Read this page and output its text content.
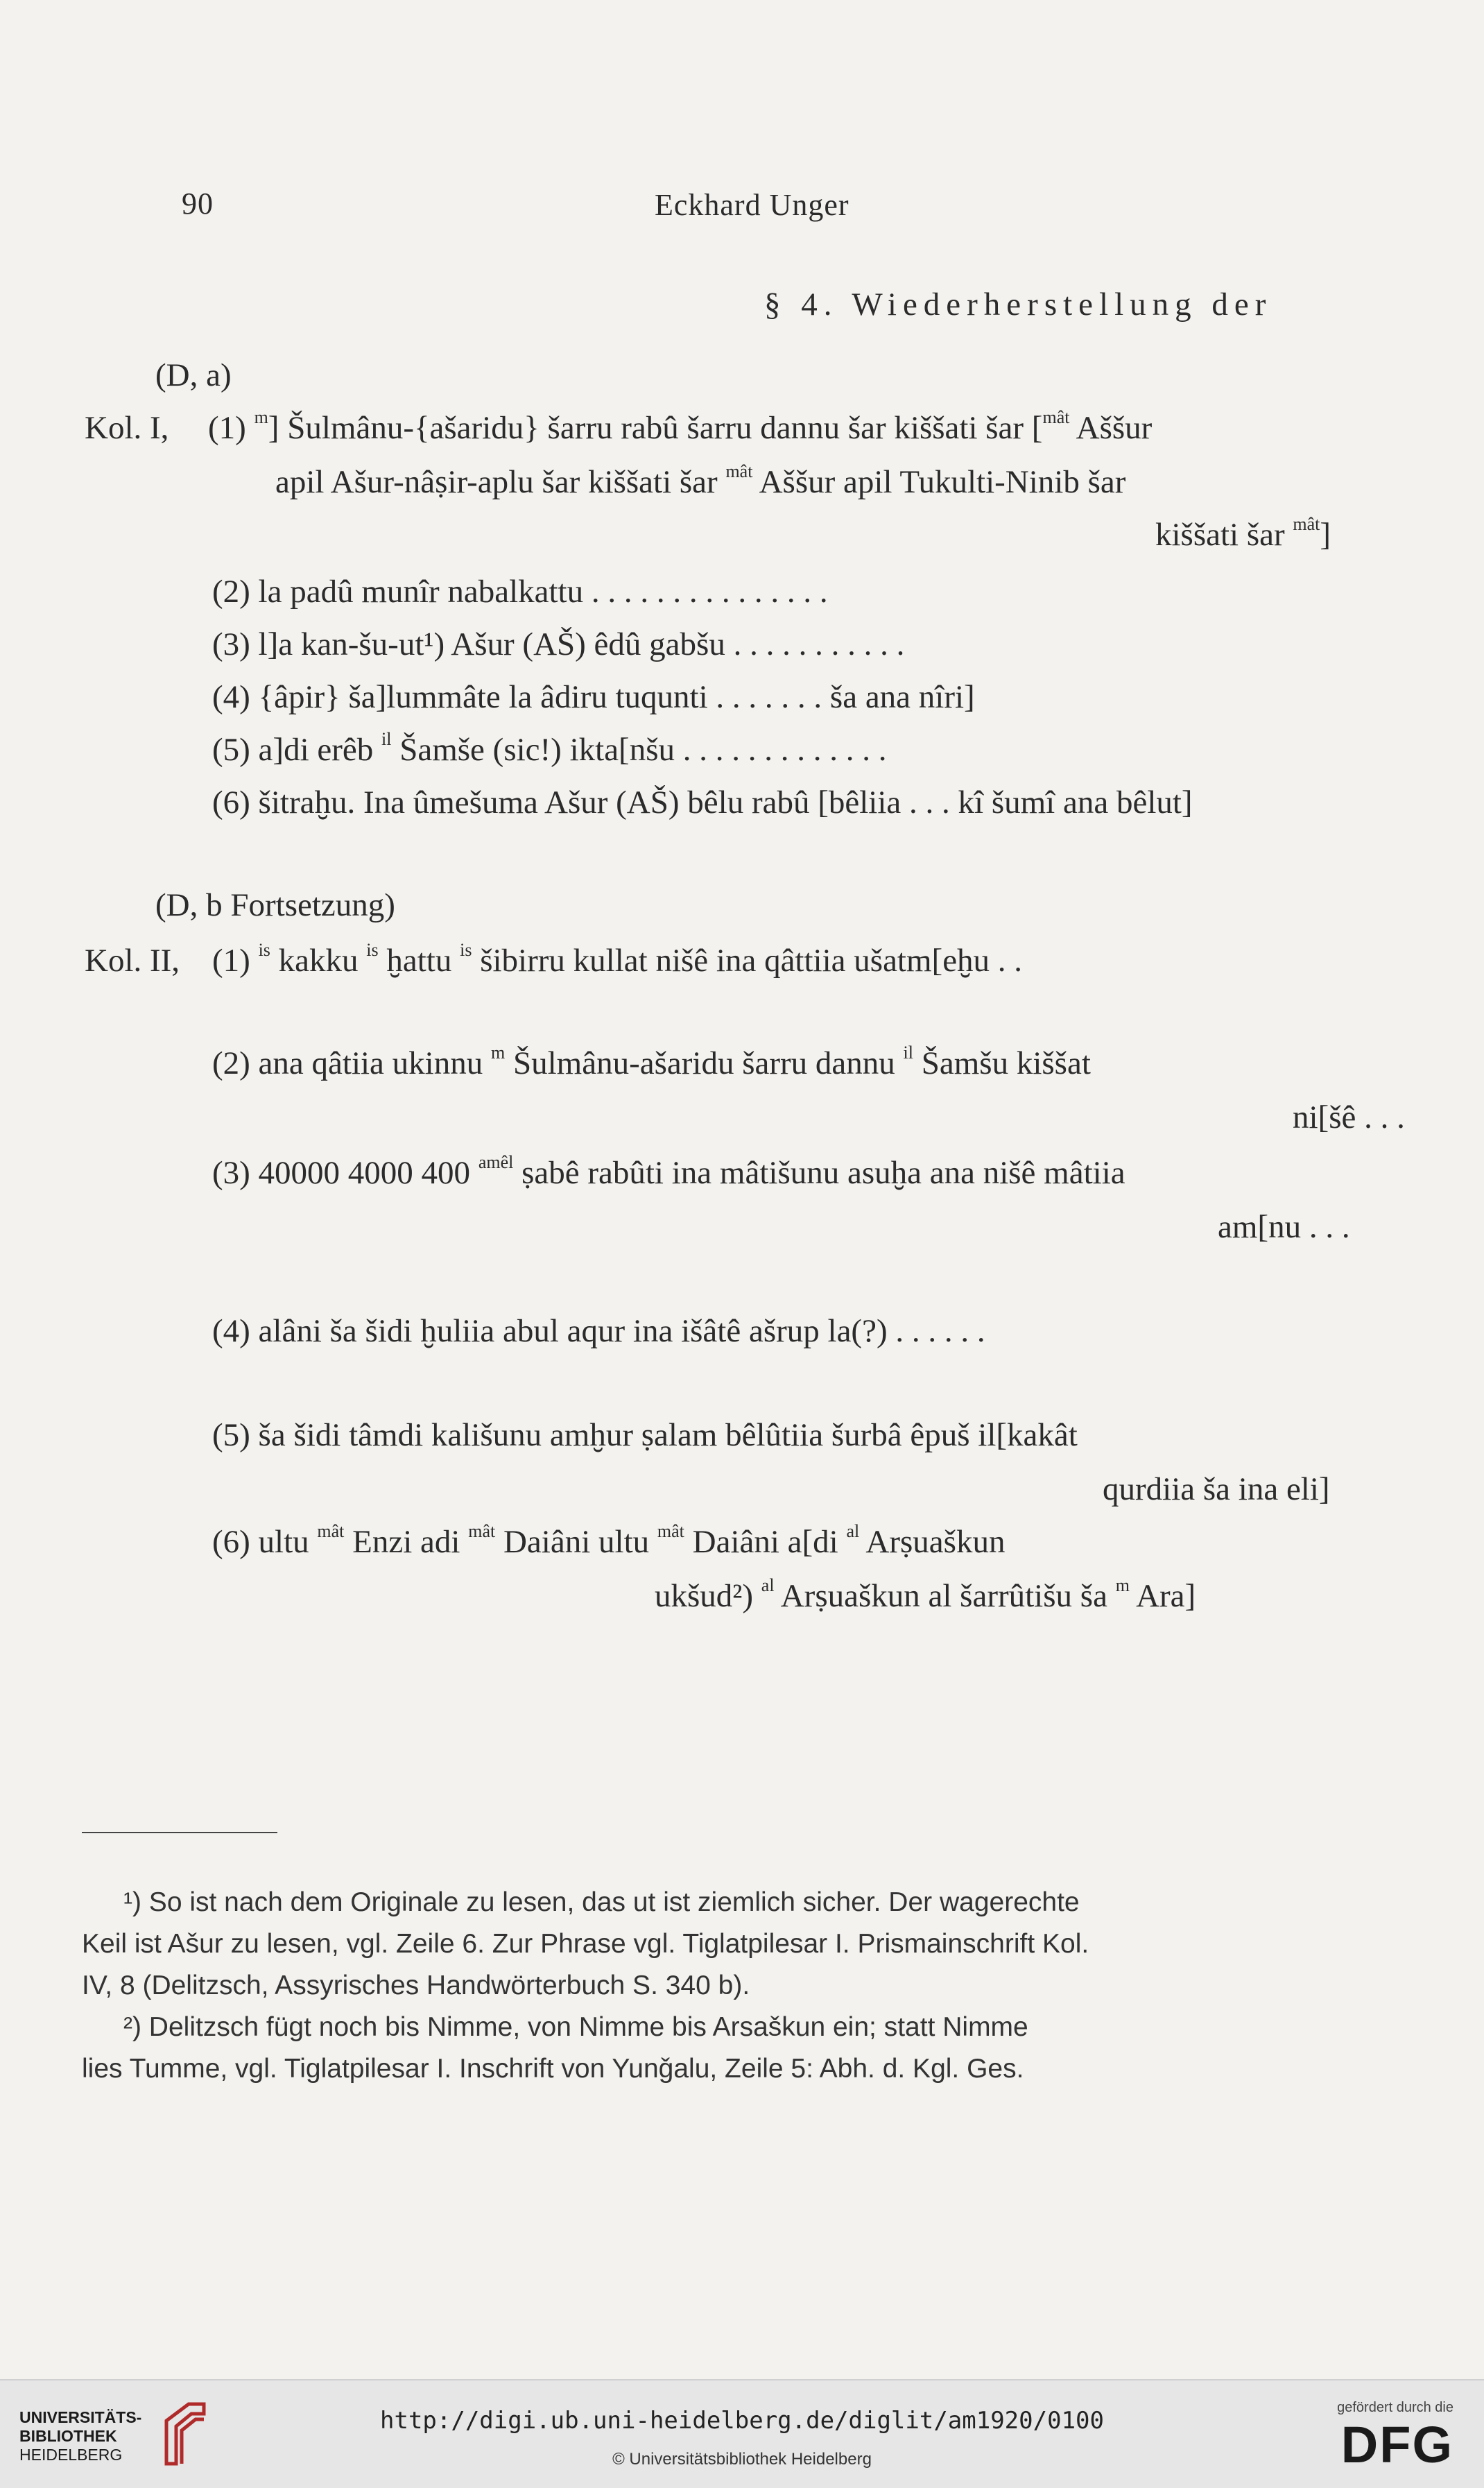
90	Eckhard Unger
§ 4. Wiederherstellung der
(D, a)
Kol. I, (1) $^m$] Šulmânu-{ašaridu} šarru rabû šarru dannu šar kiššati šar [$^{mât}$ Aššur
apil Ašur-nâṣir-aplu šar kiššati šar $^{mât}$ Aššur apil Tukulti-Ninib šar
kiššati šar $^{mât}$]
(2) la padû munîr nabalkattu . . . . . . . . . . . . . . .
(3) l]a kan-šu-ut¹) Ašur (AŠ) êdû gabšu . . . . . . . . . . .
(4) {âpir} ša]lummâte la âdiru tuqunti . . . . . . . ša ana nîri]
(5) a]di erêb $^{il}$ Šamše (sic!) ikta[nšu . . . . . . . . . . . . .
(6) šitraḫu. Ina ûmešuma Ašur (AŠ) bêlu rabû [bêliia . . . kî šumî ana bêlut]
(D, b Fortsetzung)
Kol. II, (1) $^{is}$ kakku $^{is}$ ḫattu $^{is}$ šibirru kullat nišê ina qâttiia ušatm[eḫu . .
(2) ana qâtiia ukinnu $^m$ Šulmânu-ašaridu šarru dannu $^{il}$ Šamšu kiššat
ni[šê . . .
(3) 40000 4000 400 $^{amêl}$ ṣabê rabûti ina mâtišunu asuḫa ana nišê mâtiia
am[nu . . .
(4) alâni ša šidi ḫuliia abul aqur ina išâtê ašrup la(?) . . . . . .
(5) ša šidi tâmdi kališunu amḫur ṣalam bêlûtiia šurbâ êpuš il[kakât
qurdiia ša ina eli]
(6) ultu $^{mât}$ Enzi adi $^{mât}$ Daiâni ultu $^{mât}$ Daiâni a[di $^{al}$ Arṣuaškun
ukšud²) $^{al}$ Arṣuaškun al šarrûtišu ša $^m$ Ara]
¹) So ist nach dem Originale zu lesen, das ut ist ziemlich sicher. Der wagerechte
Keil ist Ašur zu lesen, vgl. Zeile 6. Zur Phrase vgl. Tiglatpilesar I. Prismainschrift Kol.
IV, 8 (Delitzsch, Assyrisches Handwörterbuch S. 340 b).
²) Delitzsch fügt noch bis Nimme, von Nimme bis Arsaškun ein; statt Nimme
lies Tumme, vgl. Tiglatpilesar I. Inschrift von Yunǧalu, Zeile 5: Abh. d. Kgl. Ges.
UNIVERSITÄTS-
BIBLIOTHEK
HEIDELBERG
http://digi.ub.uni-heidelberg.de/diglit/am1920/0100
© Universitätsbibliothek Heidelberg
gefördert durch die
DFG
